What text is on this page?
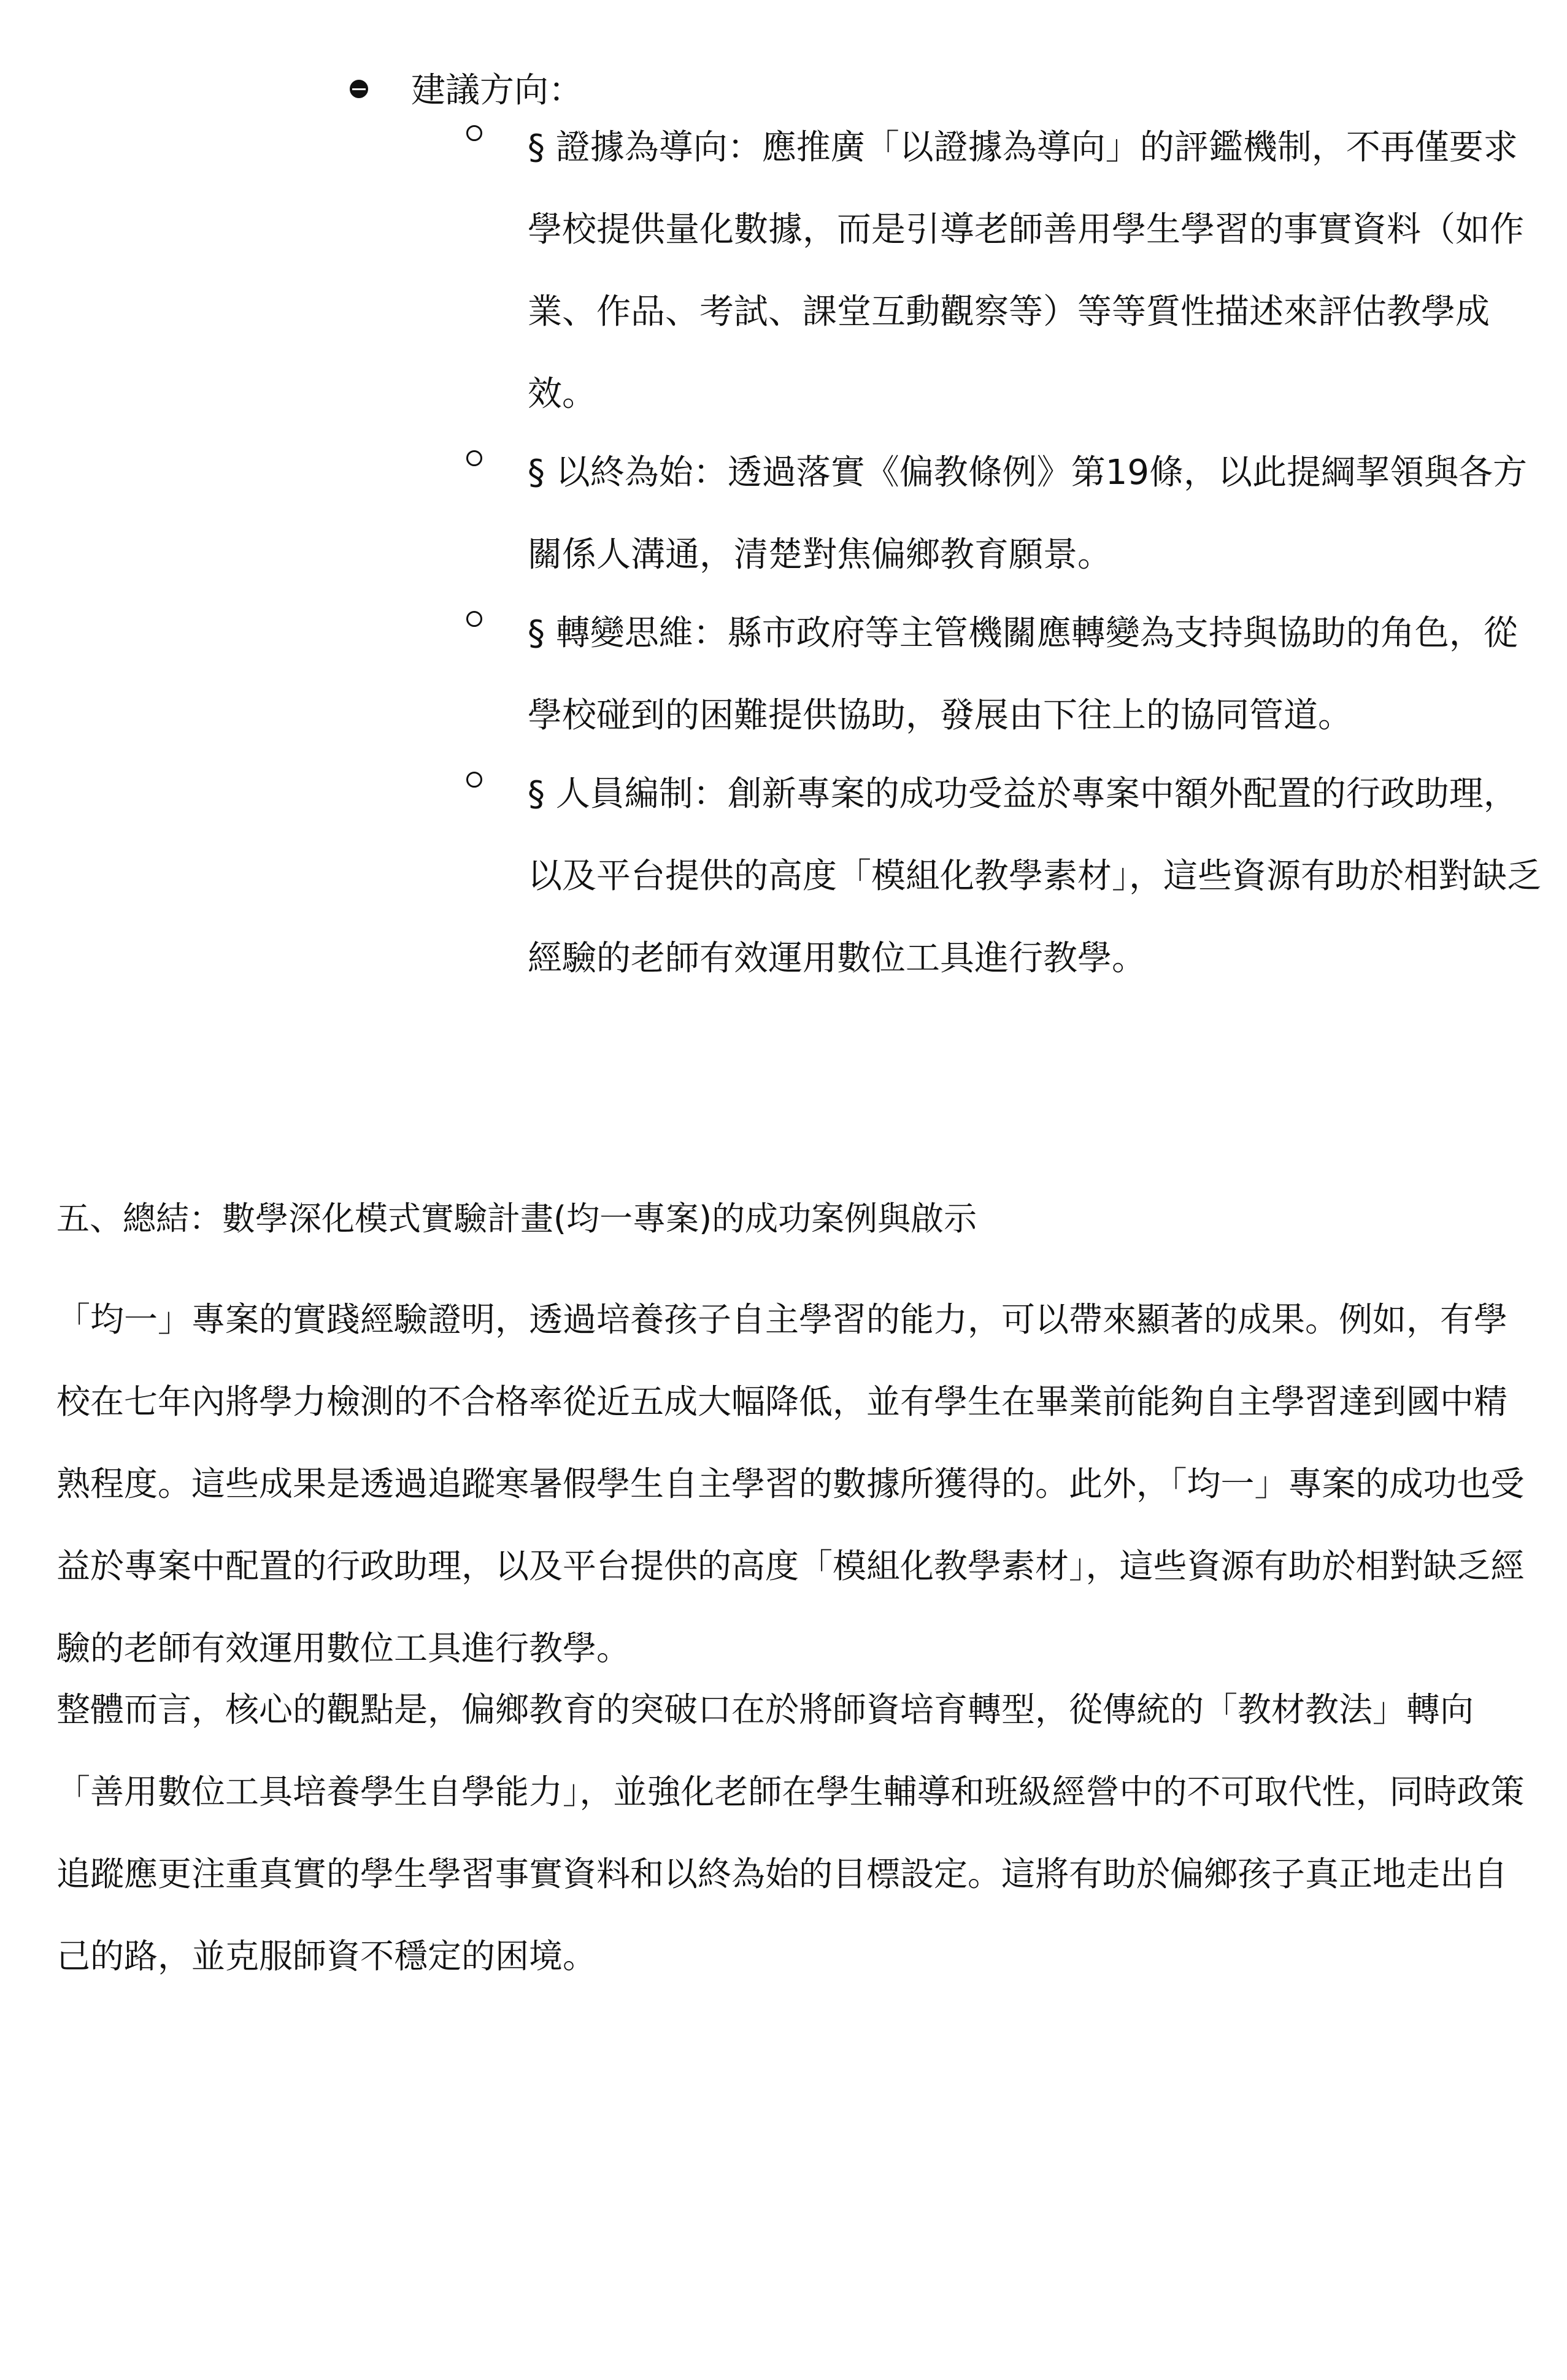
建議方向：
§ 證據為導向：應推廣「以證據為導向」的評鑑機制，不再僅要求學校提供量化數據，而是引導老師善用學生學習的事實資料（如作業、作品、考試、課堂互動觀察等）等等質性描述來評估教學成效。
§ 以終為始：透過落實《偏教條例》第19條，以此提綱挈領與各方關係人溝通，清楚對焦偏鄉教育願景。
§ 轉變思維：縣市政府等主管機關應轉變為支持與協助的角色，從學校碰到的困難提供協助，發展由下往上的協同管道。
§ 人員編制：創新專案的成功受益於專案中額外配置的行政助理，以及平台提供的高度「模組化教學素材」，這些資源有助於相對缺乏經驗的老師有效運用數位工具進行教學。
五、總結：數學深化模式實驗計畫(均一專案)的成功案例與啟示
「均一」專案的實踐經驗證明，透過培養孩子自主學習的能力，可以帶來顯著的成果。例如，有學校在七年內將學力檢測的不合格率從近五成大幅降低，並有學生在畢業前能夠自主學習達到國中精熟程度。這些成果是透過追蹤寒暑假學生自主學習的數據所獲得的。此外，「均一」專案的成功也受益於專案中配置的行政助理，以及平台提供的高度「模組化教學素材」，這些資源有助於相對缺乏經驗的老師有效運用數位工具進行教學。
整體而言，核心的觀點是，偏鄉教育的突破口在於將師資培育轉型，從傳統的「教材教法」轉向「善用數位工具培養學生自學能力」，並強化老師在學生輔導和班級經營中的不可取代性，同時政策追蹤應更注重真實的學生學習事實資料和以終為始的目標設定。這將有助於偏鄉孩子真正地走出自己的路，並克服師資不穩定的困境。
